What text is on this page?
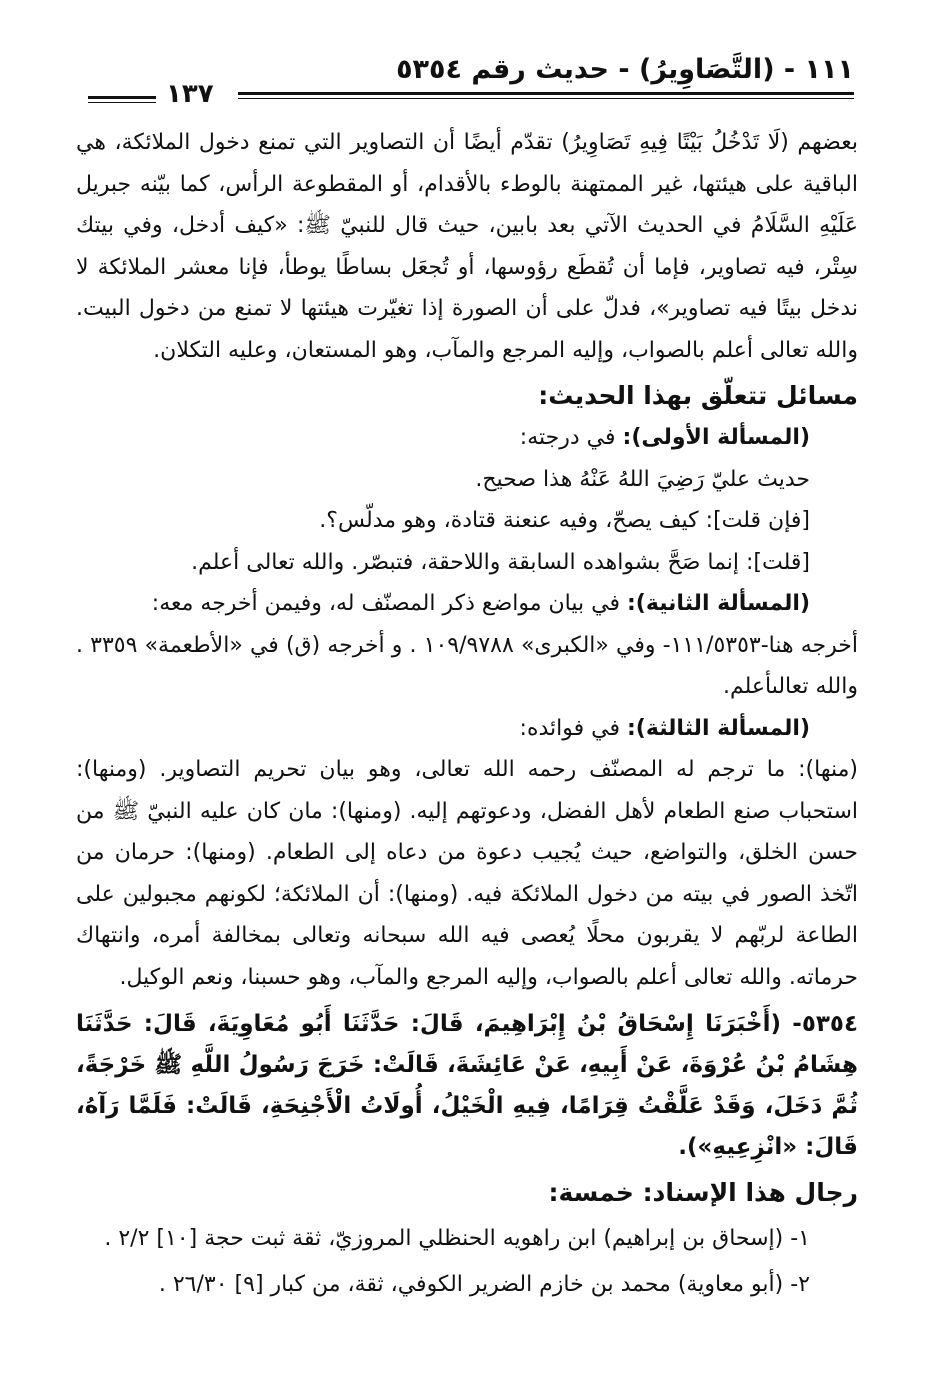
١١١ - (التَّصَاوِيرُ) - حديث رقم ٥٣٥٤
١٣٧

بعضهم (لَا تَدْخُلُ بَيْتًا فِيهِ تَصَاوِيرُ) تقدّم أيضًا أن التصاوير التي تمنع دخول الملائكة، هي الباقية على هيئتها، غير الممتهنة بالوطء بالأقدام، أو المقطوعة الرأس، كما بيّنه جبريل عَلَيْهِ السَّلَامُ في الحديث الآتي بعد بابين، حيث قال للنبيّ ﷺ: «كيف أدخل، وفي بيتك سِتْر، فيه تصاوير، فإما أن تُقطَع رؤوسها، أو تُجعَل بساطًا يوطأ، فإنا معشر الملائكة لا ندخل بيتًا فيه تصاوير»، فدلّ على أن الصورة إذا تغيّرت هيئتها لا تمنع من دخول البيت. والله تعالى أعلم بالصواب، وإليه المرجع والمآب، وهو المستعان، وعليه التكلان.

مسائل تتعلّق بهذا الحديث:

(المسألة الأولى): في درجته:

حديث عليّ رَضِيَ اللهُ عَنْهُ هذا صحيح.

[فإن قلت]: كيف يصحّ، وفيه عنعنة قتادة، وهو مدلّس؟.

[قلت]: إنما صَحَّ بشواهده السابقة واللاحقة، فتبصّر. والله تعالى أعلم.

(المسألة الثانية): في بيان مواضع ذكر المصنّف له، وفيمن أخرجه معه:

أخرجه هنا-١١١/٥٣٥٣- وفي «الكبرى» ١٠٩/٩٧٨٨ . و أخرجه (ق) في «الأطعمة» ٣٣٥٩ . والله تعالىأعلم.

(المسألة الثالثة): في فوائده:

(منها): ما ترجم له المصنّف رحمه الله تعالى، وهو بيان تحريم التصاوير. (ومنها): استحباب صنع الطعام لأهل الفضل، ودعوتهم إليه. (ومنها): مان كان عليه النبيّ ﷺ من حسن الخلق، والتواضع، حيث يُجيب دعوة من دعاه إلى الطعام. (ومنها): حرمان من اتّخذ الصور في بيته من دخول الملائكة فيه. (ومنها): أن الملائكة؛ لكونهم مجبولين على الطاعة لربّهم لا يقربون محلًا يُعصى فيه الله سبحانه وتعالى بمخالفة أمره، وانتهاك حرماته. والله تعالى أعلم بالصواب، وإليه المرجع والمآب، وهو حسبنا، ونعم الوكيل.

٥٣٥٤- (أَخْبَرَنَا إِسْحَاقُ بْنُ إِبْرَاهِيمَ، قَالَ: حَدَّثَنَا أَبُو مُعَاوِيَةَ، قَالَ: حَدَّثَنَا هِشَامُ بْنُ عُرْوَةَ، عَنْ أَبِيهِ، عَنْ عَائِشَةَ، قَالَتْ: خَرَجَ رَسُولُ اللَّهِ ﷺ خَرْجَةً، ثُمَّ دَخَلَ، وَقَدْ عَلَّقْتُ قِرَامًا، فِيهِ الْخَيْلُ، أُولَاتُ الْأَجْنِحَةِ، قَالَتْ: فَلَمَّا رَآهُ، قَالَ: «انْزِعِيهِ»).

رجال هذا الإسناد: خمسة:

١- (إسحاق بن إبراهيم) ابن راهويه الحنظلي المروزيّ، ثقة ثبت حجة [١٠] ٢/٢ .

٢- (أبو معاوية) محمد بن خازم الضرير الكوفي، ثقة، من كبار [٩] ٢٦/٣٠ .
